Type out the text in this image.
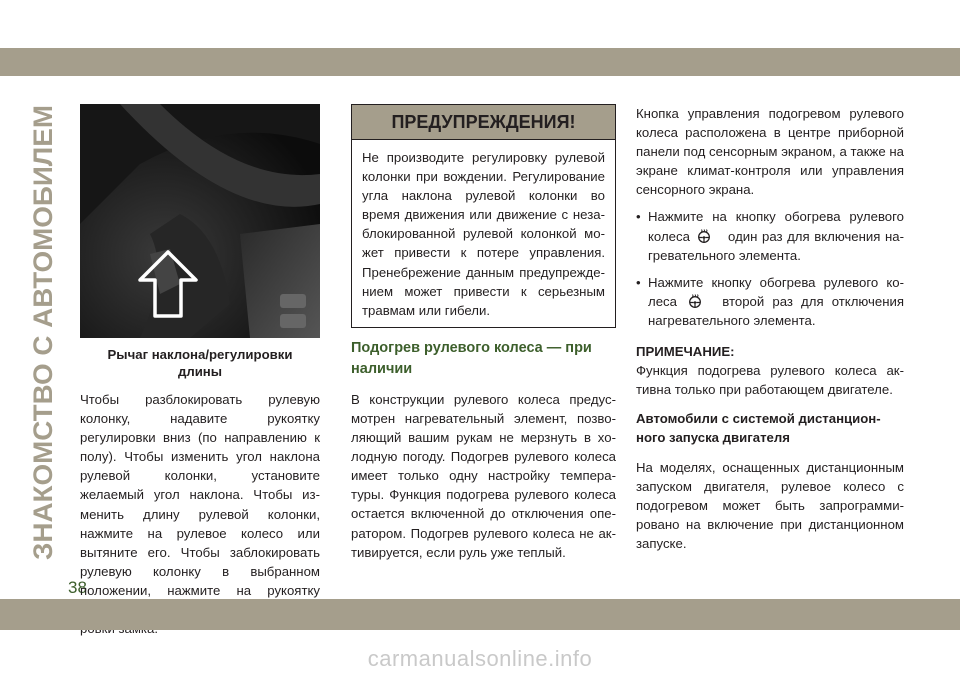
ЗНАКОМСТВО С АВТОМОБИЛЕМ
38
Рычаг наклона/регулировки
длины

Чтобы разблокировать рулевую колонку, надавите рукоятку регулировки вниз (по направлению к полу). Чтобы изменить угол наклона рулевой колонки, установите желаемый угол наклона. Чтобы изменить длину рулевой колонки, нажмите на рулевое колесо или вытяните его. Чтобы заблокировать рулевую колонку в выбранном положении, нажмите на рукоятку

ПРЕДУПРЕЖДЕНИЯ!
Не производите регулировку рулевой колонки при вождении. Регулирование угла наклона рулевой колонки во время движения или движение с незаблокированной рулевой колонкой может привести к потере управления. Пренебрежение данным предупреждением может привести к серьезным травмам или гибели.
Подогрев рулевого колеса — при наличии

В конструкции рулевого колеса предусмотрен нагревательный элемент, позволяющий вашим рукам не мерзнуть в холодную погоду. Подогрев рулевого колеса имеет только одну настройку температуры. Функция подогрева рулевого колеса остается включенной до отключения оператором. Подогрев рулевого колеса не активируется, если руль уже теплый.

Кнопка управления подогревом рулевого колеса расположена в центре приборной панели под сенсорным экраном, а также на экране климат-контроля или управления сенсорного экрана.

• Нажмите на кнопку обогрева рулевого колеса	один раз для включения нагревательного элемента.
• Нажмите кнопку обогрева рулевого колеса	второй раз для отключения нагревательного элемента.
ПРИМЕЧАНИЕ:

Функция подогрева рулевого колеса активна только при работающем двигателе.

Автомобили с системой дистанционного запуска двигателя

На моделях, оснащенных дистанционным запуском двигателя, рулевое колесо с подогревом может быть запрограммировано на включение при дистанционном запуске.

carmanualsonline.info
